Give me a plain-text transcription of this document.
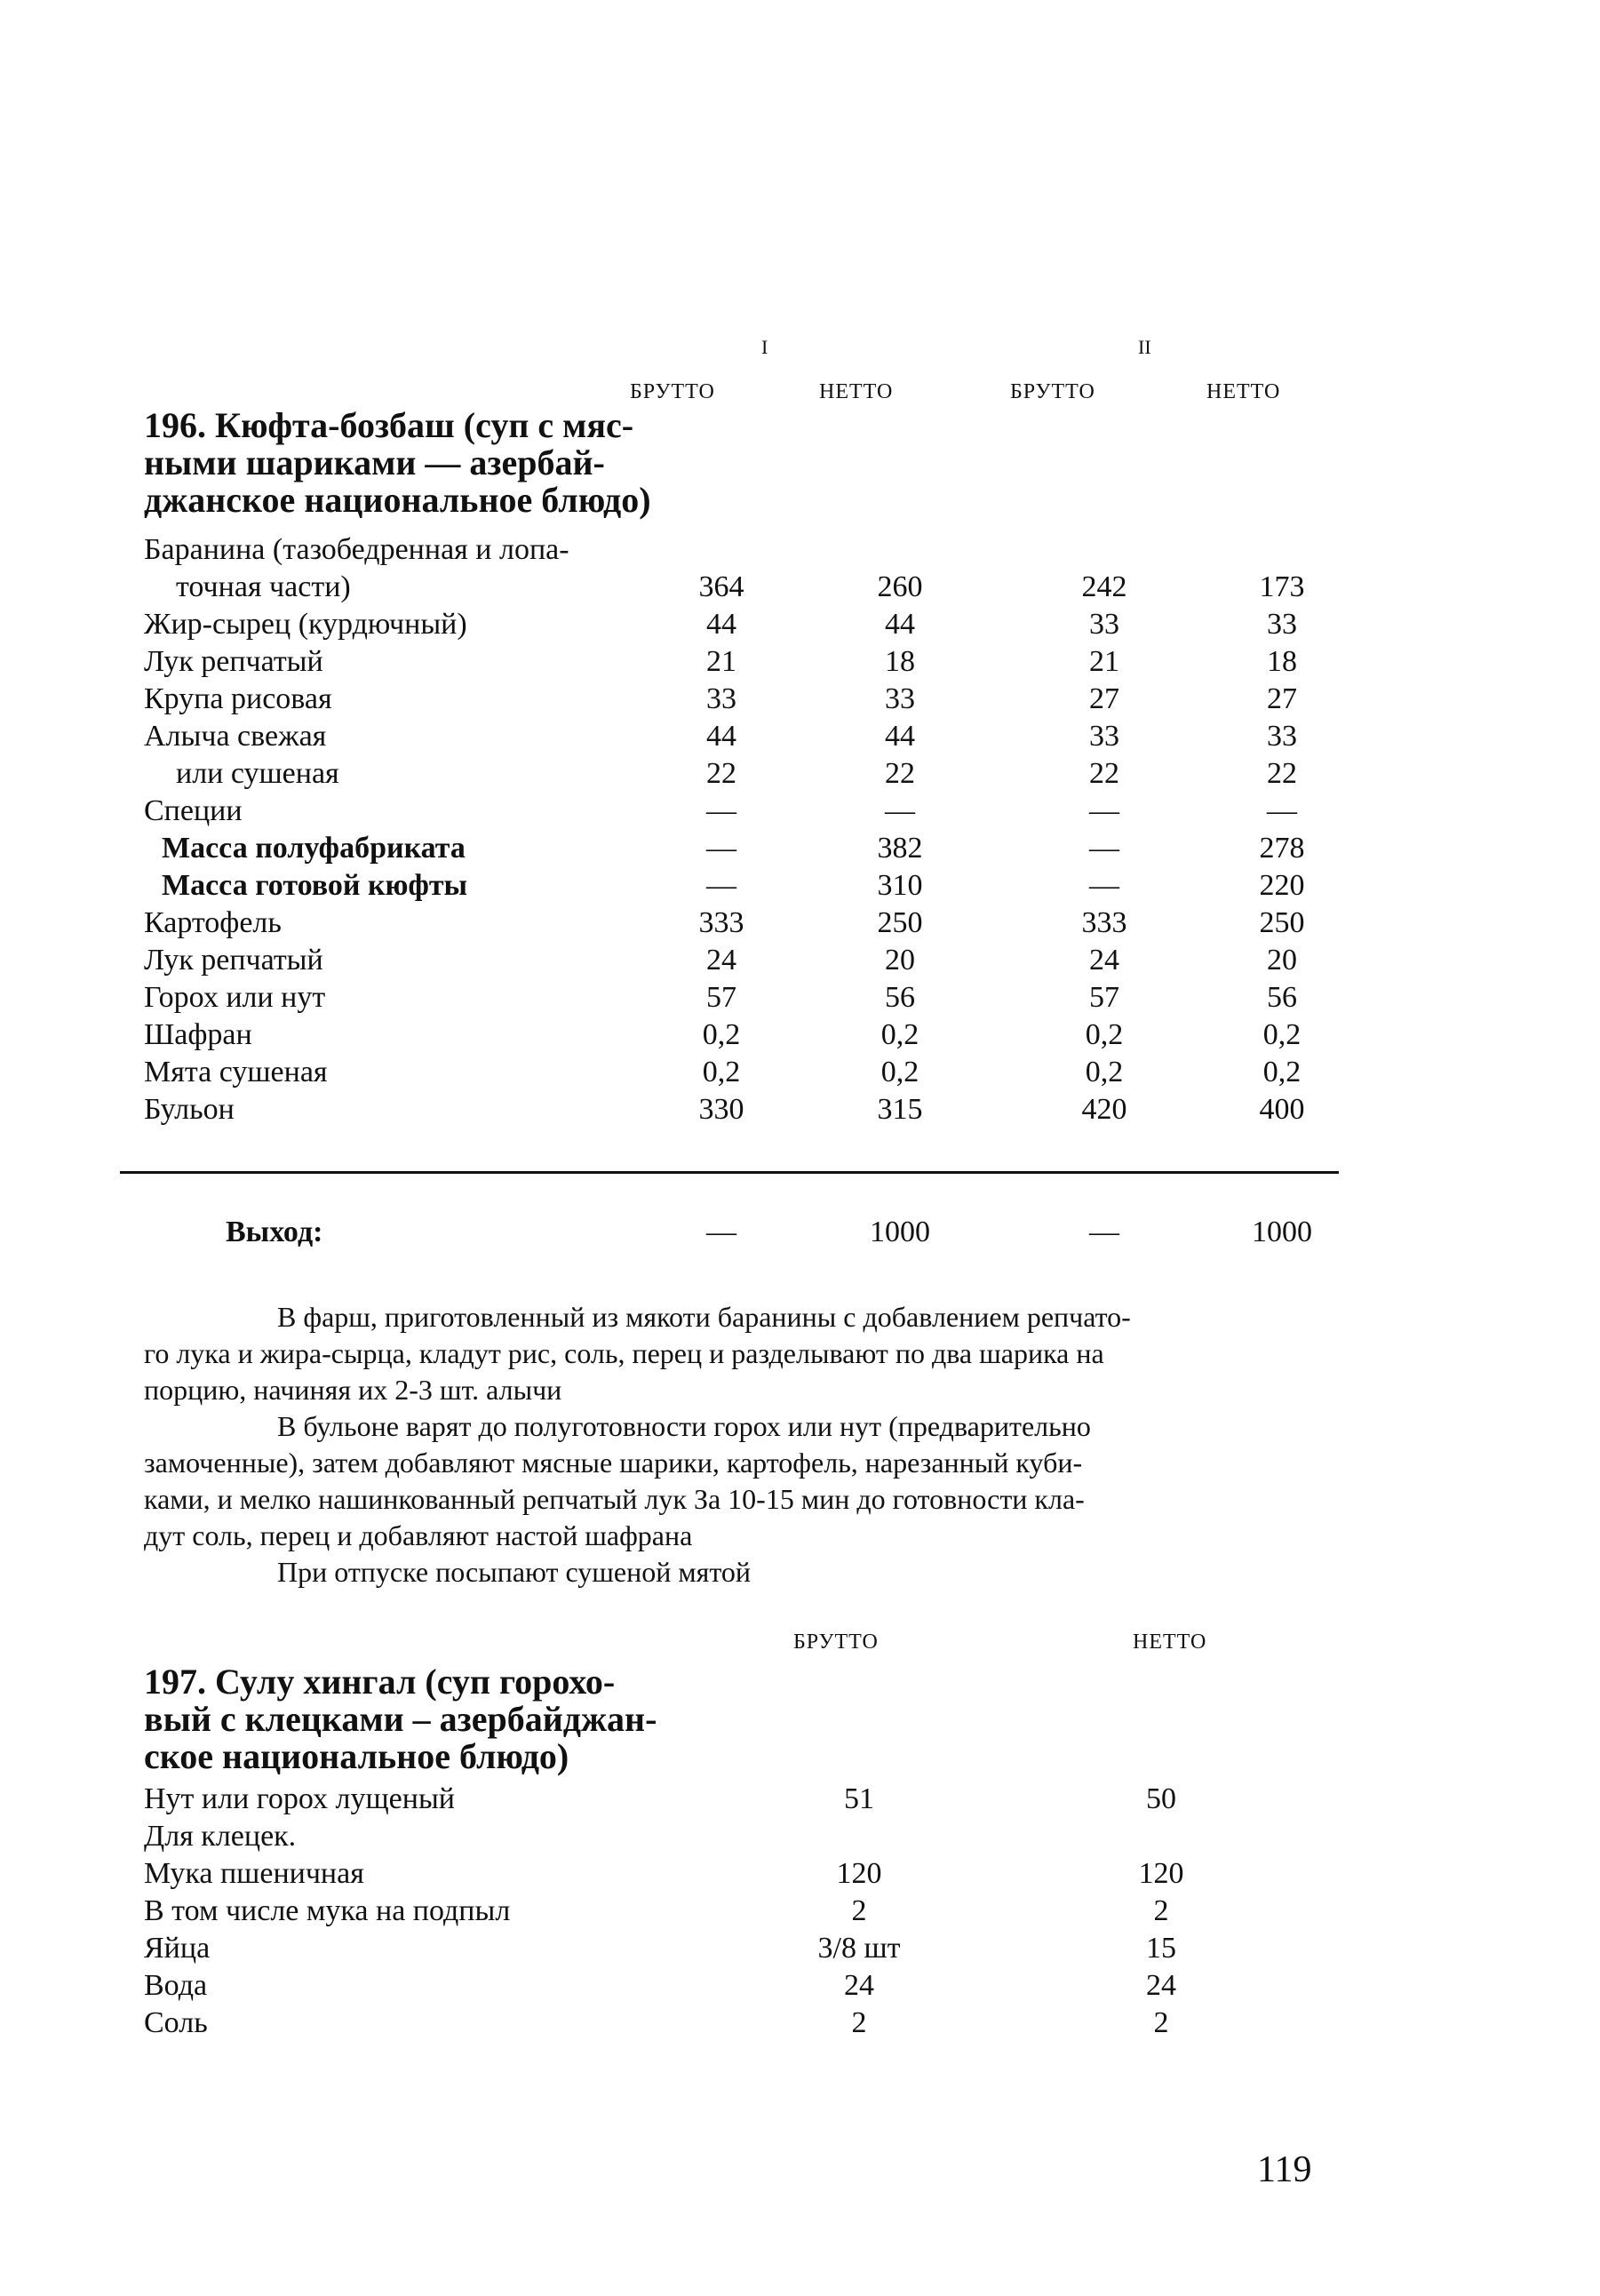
I	II
БРУТТО	НЕТТО	БРУТТО	НЕТТО
196. Кюфта-бозбаш (суп с мяс-
ными шариками — азербай-
джанское национальное блюдо)
Баранина (тазобедренная и лопа-
точная части)	364	260	242	173
Жир-сырец (курдючный)	44	44	33	33
Лук репчатый	21	18	21	18
Крупа рисовая	33	33	27	27
Алыча свежая	44	44	33	33
или сушеная	22	22	22	22
Специи	—	—	—	—
Масса полуфабриката	—	382	—	278
Масса готовой кюфты	—	310	—	220
Картофель	333	250	333	250
Лук репчатый	24	20	24	20
Горох или нут	57	56	57	56
Шафран	0,2	0,2	0,2	0,2
Мята сушеная	0,2	0,2	0,2	0,2
Бульон	330	315	420	400
Выход:	—	1000	—	1000
В фарш, приготовленный из мякоти баранины с добавлением репчато-
го лука и жира-сырца, кладут рис, соль, перец и разделывают по два шарика на
порцию, начиняя их 2-3 шт. алычи
В бульоне варят до полуготовности горох или нут (предварительно
замоченные), затем добавляют мясные шарики, картофель, нарезанный куби-
ками, и мелко нашинкованный репчатый лук За 10-15 мин до готовности кла-
дут соль, перец и добавляют настой шафрана
При отпуске посыпают сушеной мятой
БРУТТО	НЕТТО
197. Сулу хингал (суп горохо-
вый с клецками – азербайджан-
ское национальное блюдо)
Нут или горох лущеный	51	50
Для клецек.
Мука пшеничная	120	120
В том числе мука на подпыл	2	2
Яйца	3/8 шт	15
Вода	24	24
Соль	2	2
119
